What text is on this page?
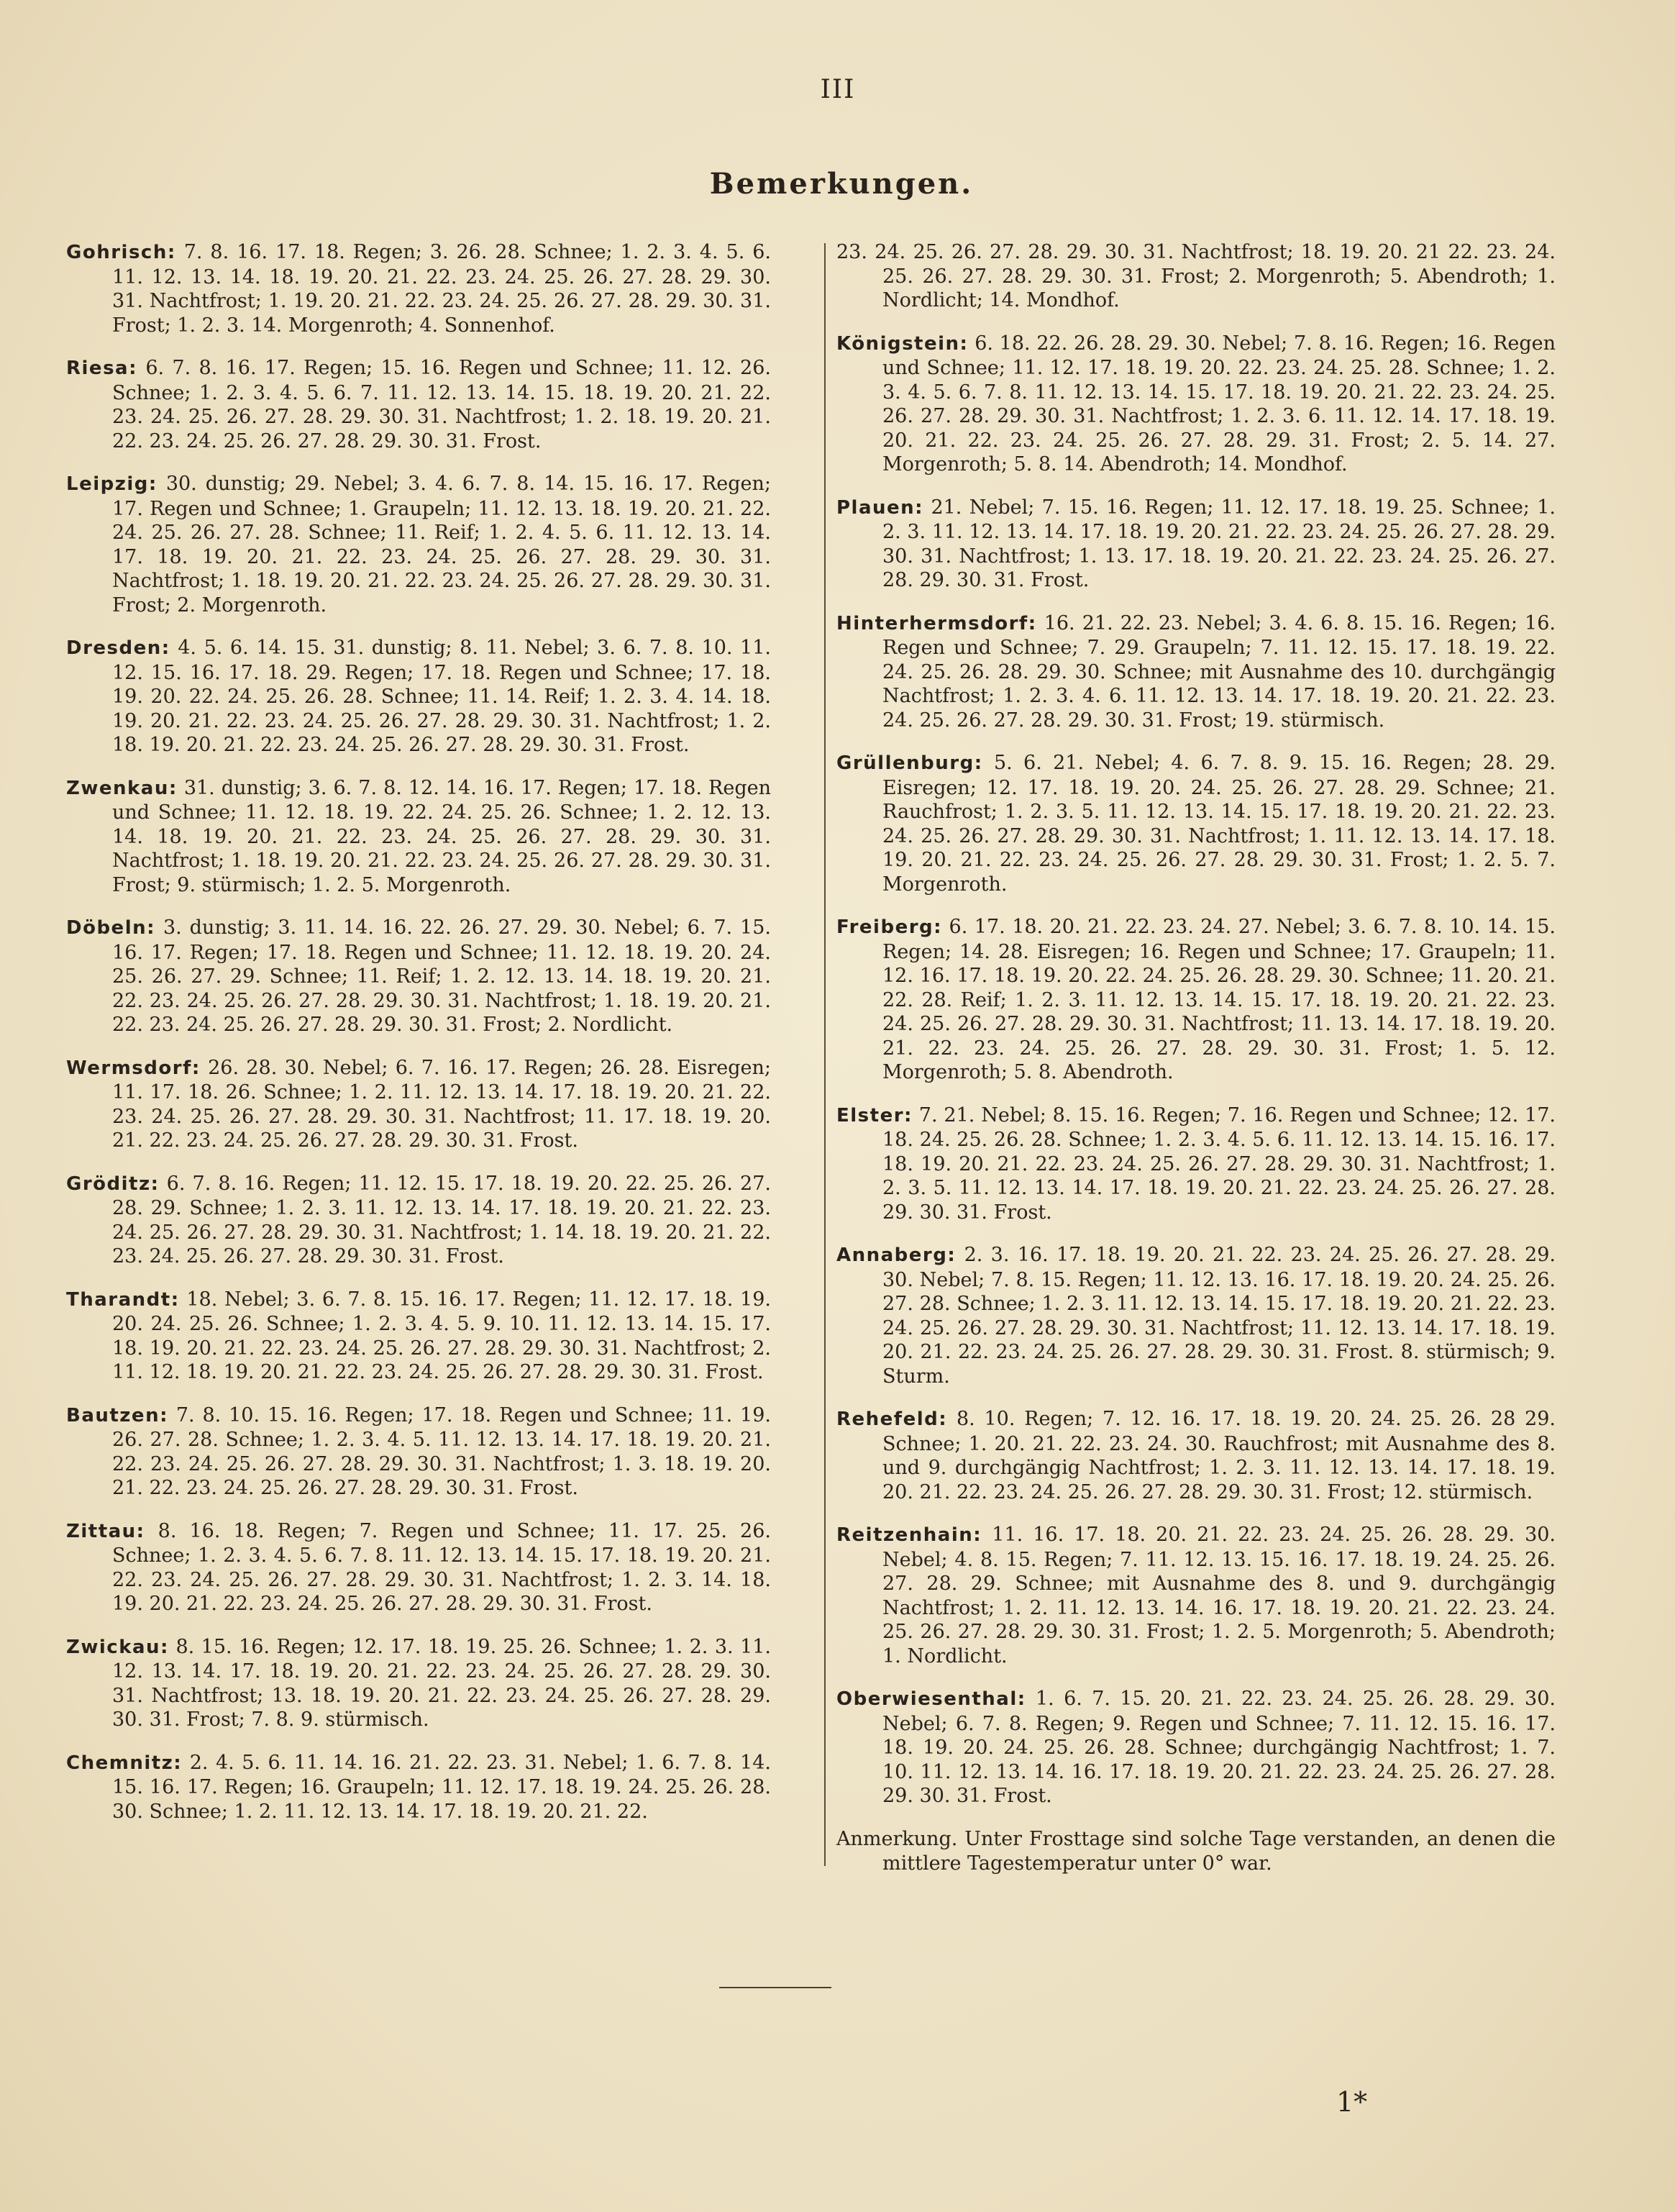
III
Bemerkungen.

Gohrisch: 7. 8. 16. 17. 18. Regen; 3. 26. 28. Schnee; 1. 2. 3. 4. 5. 6. 11. 12. 13. 14. 18. 19. 20. 21. 22. 23. 24. 25. 26. 27. 28. 29. 30. 31. Nachtfrost; 1. 19. 20. 21. 22. 23. 24. 25. 26. 27. 28. 29. 30. 31. Frost; 1. 2. 3. 14. Morgenroth; 4. Sonnenhof.

Riesa: 6. 7. 8. 16. 17. Regen; 15. 16. Regen und Schnee; 11. 12. 26. Schnee; 1. 2. 3. 4. 5. 6. 7. 11. 12. 13. 14. 15. 18. 19. 20. 21. 22. 23. 24. 25. 26. 27. 28. 29. 30. 31. Nachtfrost; 1. 2. 18. 19. 20. 21. 22. 23. 24. 25. 26. 27. 28. 29. 30. 31. Frost.

Leipzig: 30. dunstig; 29. Nebel; 3. 4. 6. 7. 8. 14. 15. 16. 17. Regen; 17. Regen und Schnee; 1. Graupeln; 11. 12. 13. 18. 19. 20. 21. 22. 24. 25. 26. 27. 28. Schnee; 11. Reif; 1. 2. 4. 5. 6. 11. 12. 13. 14. 17. 18. 19. 20. 21. 22. 23. 24. 25. 26. 27. 28. 29. 30. 31. Nachtfrost; 1. 18. 19. 20. 21. 22. 23. 24. 25. 26. 27. 28. 29. 30. 31. Frost; 2. Morgenroth.

Dresden: 4. 5. 6. 14. 15. 31. dunstig; 8. 11. Nebel; 3. 6. 7. 8. 10. 11. 12. 15. 16. 17. 18. 29. Regen; 17. 18. Regen und Schnee; 17. 18. 19. 20. 22. 24. 25. 26. 28. Schnee; 11. 14. Reif; 1. 2. 3. 4. 14. 18. 19. 20. 21. 22. 23. 24. 25. 26. 27. 28. 29. 30. 31. Nachtfrost; 1. 2. 18. 19. 20. 21. 22. 23. 24. 25. 26. 27. 28. 29. 30. 31. Frost.

Zwenkau: 31. dunstig; 3. 6. 7. 8. 12. 14. 16. 17. Regen; 17. 18. Regen und Schnee; 11. 12. 18. 19. 22. 24. 25. 26. Schnee; 1. 2. 12. 13. 14. 18. 19. 20. 21. 22. 23. 24. 25. 26. 27. 28. 29. 30. 31. Nachtfrost; 1. 18. 19. 20. 21. 22. 23. 24. 25. 26. 27. 28. 29. 30. 31. Frost; 9. stürmisch; 1. 2. 5. Morgenroth.

Döbeln: 3. dunstig; 3. 11. 14. 16. 22. 26. 27. 29. 30. Nebel; 6. 7. 15. 16. 17. Regen; 17. 18. Regen und Schnee; 11. 12. 18. 19. 20. 24. 25. 26. 27. 29. Schnee; 11. Reif; 1. 2. 12. 13. 14. 18. 19. 20. 21. 22. 23. 24. 25. 26. 27. 28. 29. 30. 31. Nachtfrost; 1. 18. 19. 20. 21. 22. 23. 24. 25. 26. 27. 28. 29. 30. 31. Frost; 2. Nordlicht.

Wermsdorf: 26. 28. 30. Nebel; 6. 7. 16. 17. Regen; 26. 28. Eisregen; 11. 17. 18. 26. Schnee; 1. 2. 11. 12. 13. 14. 17. 18. 19. 20. 21. 22. 23. 24. 25. 26. 27. 28. 29. 30. 31. Nachtfrost; 11. 17. 18. 19. 20. 21. 22. 23. 24. 25. 26. 27. 28. 29. 30. 31. Frost.

Gröditz: 6. 7. 8. 16. Regen; 11. 12. 15. 17. 18. 19. 20. 22. 25. 26. 27. 28. 29. Schnee; 1. 2. 3. 11. 12. 13. 14. 17. 18. 19. 20. 21. 22. 23. 24. 25. 26. 27. 28. 29. 30. 31. Nachtfrost; 1. 14. 18. 19. 20. 21. 22. 23. 24. 25. 26. 27. 28. 29. 30. 31. Frost.

Tharandt: 18. Nebel; 3. 6. 7. 8. 15. 16. 17. Regen; 11. 12. 17. 18. 19. 20. 24. 25. 26. Schnee; 1. 2. 3. 4. 5. 9. 10. 11. 12. 13. 14. 15. 17. 18. 19. 20. 21. 22. 23. 24. 25. 26. 27. 28. 29. 30. 31. Nachtfrost; 2. 11. 12. 18. 19. 20. 21. 22. 23. 24. 25. 26. 27. 28. 29. 30. 31. Frost.

Bautzen: 7. 8. 10. 15. 16. Regen; 17. 18. Regen und Schnee; 11. 19. 26. 27. 28. Schnee; 1. 2. 3. 4. 5. 11. 12. 13. 14. 17. 18. 19. 20. 21. 22. 23. 24. 25. 26. 27. 28. 29. 30. 31. Nachtfrost; 1. 3. 18. 19. 20. 21. 22. 23. 24. 25. 26. 27. 28. 29. 30. 31. Frost.

Zittau: 8. 16. 18. Regen; 7. Regen und Schnee; 11. 17. 25. 26. Schnee; 1. 2. 3. 4. 5. 6. 7. 8. 11. 12. 13. 14. 15. 17. 18. 19. 20. 21. 22. 23. 24. 25. 26. 27. 28. 29. 30. 31. Nachtfrost; 1. 2. 3. 14. 18. 19. 20. 21. 22. 23. 24. 25. 26. 27. 28. 29. 30. 31. Frost.

Zwickau: 8. 15. 16. Regen; 12. 17. 18. 19. 25. 26. Schnee; 1. 2. 3. 11. 12. 13. 14. 17. 18. 19. 20. 21. 22. 23. 24. 25. 26. 27. 28. 29. 30. 31. Nachtfrost; 13. 18. 19. 20. 21. 22. 23. 24. 25. 26. 27. 28. 29. 30. 31. Frost; 7. 8. 9. stürmisch.

Chemnitz: 2. 4. 5. 6. 11. 14. 16. 21. 22. 23. 31. Nebel; 1. 6. 7. 8. 14. 15. 16. 17. Regen; 16. Graupeln; 11. 12. 17. 18. 19. 24. 25. 26. 28. 30. Schnee; 1. 2. 11. 12. 13. 14. 17. 18. 19. 20. 21. 22.

23. 24. 25. 26. 27. 28. 29. 30. 31. Nachtfrost; 18. 19. 20. 21 22. 23. 24. 25. 26. 27. 28. 29. 30. 31. Frost; 2. Morgenroth; 5. Abendroth; 1. Nordlicht; 14. Mondhof.

Königstein: 6. 18. 22. 26. 28. 29. 30. Nebel; 7. 8. 16. Regen; 16. Regen und Schnee; 11. 12. 17. 18. 19. 20. 22. 23. 24. 25. 28. Schnee; 1. 2. 3. 4. 5. 6. 7. 8. 11. 12. 13. 14. 15. 17. 18. 19. 20. 21. 22. 23. 24. 25. 26. 27. 28. 29. 30. 31. Nachtfrost; 1. 2. 3. 6. 11. 12. 14. 17. 18. 19. 20. 21. 22. 23. 24. 25. 26. 27. 28. 29. 31. Frost; 2. 5. 14. 27. Morgenroth; 5. 8. 14. Abendroth; 14. Mondhof.

Plauen: 21. Nebel; 7. 15. 16. Regen; 11. 12. 17. 18. 19. 25. Schnee; 1. 2. 3. 11. 12. 13. 14. 17. 18. 19. 20. 21. 22. 23. 24. 25. 26. 27. 28. 29. 30. 31. Nachtfrost; 1. 13. 17. 18. 19. 20. 21. 22. 23. 24. 25. 26. 27. 28. 29. 30. 31. Frost.

Hinterhermsdorf: 16. 21. 22. 23. Nebel; 3. 4. 6. 8. 15. 16. Regen; 16. Regen und Schnee; 7. 29. Graupeln; 7. 11. 12. 15. 17. 18. 19. 22. 24. 25. 26. 28. 29. 30. Schnee; mit Ausnahme des 10. durchgängig Nachtfrost; 1. 2. 3. 4. 6. 11. 12. 13. 14. 17. 18. 19. 20. 21. 22. 23. 24. 25. 26. 27. 28. 29. 30. 31. Frost; 19. stürmisch.

Grüllenburg: 5. 6. 21. Nebel; 4. 6. 7. 8. 9. 15. 16. Regen; 28. 29. Eisregen; 12. 17. 18. 19. 20. 24. 25. 26. 27. 28. 29. Schnee; 21. Rauchfrost; 1. 2. 3. 5. 11. 12. 13. 14. 15. 17. 18. 19. 20. 21. 22. 23. 24. 25. 26. 27. 28. 29. 30. 31. Nachtfrost; 1. 11. 12. 13. 14. 17. 18. 19. 20. 21. 22. 23. 24. 25. 26. 27. 28. 29. 30. 31. Frost; 1. 2. 5. 7. Morgenroth.

Freiberg: 6. 17. 18. 20. 21. 22. 23. 24. 27. Nebel; 3. 6. 7. 8. 10. 14. 15. Regen; 14. 28. Eisregen; 16. Regen und Schnee; 17. Graupeln; 11. 12. 16. 17. 18. 19. 20. 22. 24. 25. 26. 28. 29. 30. Schnee; 11. 20. 21. 22. 28. Reif; 1. 2. 3. 11. 12. 13. 14. 15. 17. 18. 19. 20. 21. 22. 23. 24. 25. 26. 27. 28. 29. 30. 31. Nachtfrost; 11. 13. 14. 17. 18. 19. 20. 21. 22. 23. 24. 25. 26. 27. 28. 29. 30. 31. Frost; 1. 5. 12. Morgenroth; 5. 8. Abendroth.

Elster: 7. 21. Nebel; 8. 15. 16. Regen; 7. 16. Regen und Schnee; 12. 17. 18. 24. 25. 26. 28. Schnee; 1. 2. 3. 4. 5. 6. 11. 12. 13. 14. 15. 16. 17. 18. 19. 20. 21. 22. 23. 24. 25. 26. 27. 28. 29. 30. 31. Nachtfrost; 1. 2. 3. 5. 11. 12. 13. 14. 17. 18. 19. 20. 21. 22. 23. 24. 25. 26. 27. 28. 29. 30. 31. Frost.

Annaberg: 2. 3. 16. 17. 18. 19. 20. 21. 22. 23. 24. 25. 26. 27. 28. 29. 30. Nebel; 7. 8. 15. Regen; 11. 12. 13. 16. 17. 18. 19. 20. 24. 25. 26. 27. 28. Schnee; 1. 2. 3. 11. 12. 13. 14. 15. 17. 18. 19. 20. 21. 22. 23. 24. 25. 26. 27. 28. 29. 30. 31. Nachtfrost; 11. 12. 13. 14. 17. 18. 19. 20. 21. 22. 23. 24. 25. 26. 27. 28. 29. 30. 31. Frost. 8. stürmisch; 9. Sturm.

Rehefeld: 8. 10. Regen; 7. 12. 16. 17. 18. 19. 20. 24. 25. 26. 28 29. Schnee; 1. 20. 21. 22. 23. 24. 30. Rauchfrost; mit Ausnahme des 8. und 9. durchgängig Nachtfrost; 1. 2. 3. 11. 12. 13. 14. 17. 18. 19. 20. 21. 22. 23. 24. 25. 26. 27. 28. 29. 30. 31. Frost; 12. stürmisch.

Reitzenhain: 11. 16. 17. 18. 20. 21. 22. 23. 24. 25. 26. 28. 29. 30. Nebel; 4. 8. 15. Regen; 7. 11. 12. 13. 15. 16. 17. 18. 19. 24. 25. 26. 27. 28. 29. Schnee; mit Ausnahme des 8. und 9. durchgängig Nachtfrost; 1. 2. 11. 12. 13. 14. 16. 17. 18. 19. 20. 21. 22. 23. 24. 25. 26. 27. 28. 29. 30. 31. Frost; 1. 2. 5. Morgenroth; 5. Abendroth; 1. Nordlicht.

Oberwiesenthal: 1. 6. 7. 15. 20. 21. 22. 23. 24. 25. 26. 28. 29. 30. Nebel; 6. 7. 8. Regen; 9. Regen und Schnee; 7. 11. 12. 15. 16. 17. 18. 19. 20. 24. 25. 26. 28. Schnee; durchgängig Nachtfrost; 1. 7. 10. 11. 12. 13. 14. 16. 17. 18. 19. 20. 21. 22. 23. 24. 25. 26. 27. 28. 29. 30. 31. Frost.

Anmerkung. Unter Frosttage sind solche Tage verstanden, an denen die mittlere Tagestemperatur unter 0° war.
1*
